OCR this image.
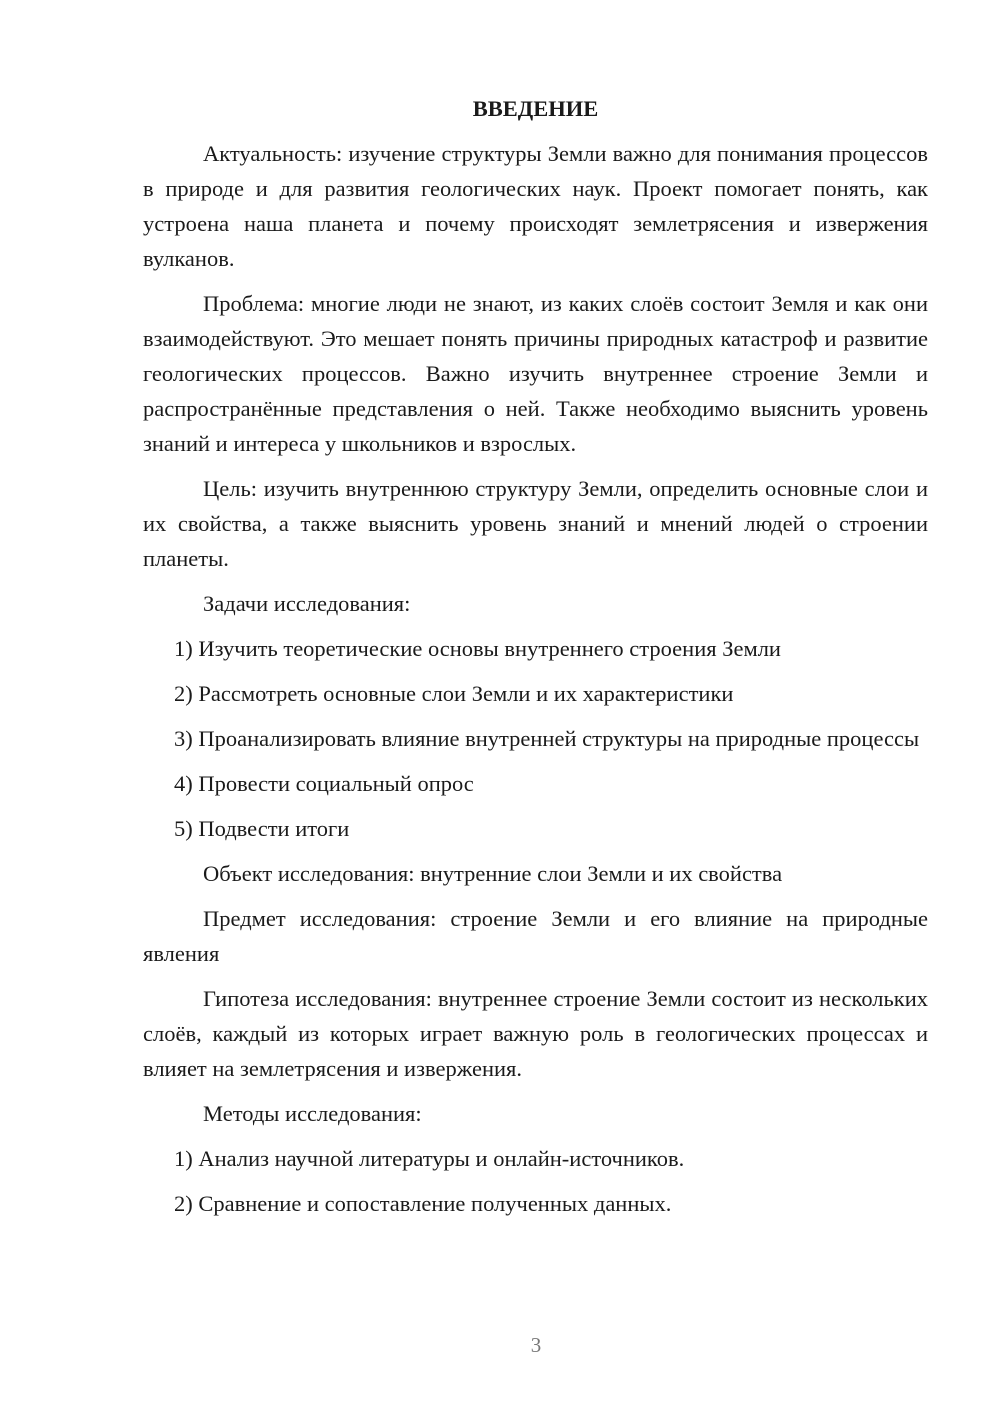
ВВЕДЕНИЕ

Актуальность: изучение структуры Земли важно для понимания процессов в природе и для развития геологических наук. Проект помогает понять, как устроена наша планета и почему происходят землетрясения и извержения вулканов.

Проблема: многие люди не знают, из каких слоёв состоит Земля и как они взаимодействуют. Это мешает понять причины природных катастроф и развитие геологических процессов. Важно изучить внутреннее строение Земли и распространённые представления о ней. Также необходимо выяснить уровень знаний и интереса у школьников и взрослых.

Цель: изучить внутреннюю структуру Земли, определить основные слои и их свойства, а также выяснить уровень знаний и мнений людей о строении планеты.

Задачи исследования:

1) Изучить теоретические основы внутреннего строения Земли

2) Рассмотреть основные слои Земли и их характеристики

3) Проанализировать влияние внутренней структуры на природные процессы

4) Провести социальный опрос

5) Подвести итоги

Объект исследования: внутренние слои Земли и их свойства

Предмет исследования: строение Земли и его влияние на природные явления

Гипотеза исследования: внутреннее строение Земли состоит из нескольких слоёв, каждый из которых играет важную роль в геологических процессах и влияет на землетрясения и извержения.

Методы исследования:

1) Анализ научной литературы и онлайн-источников.

2) Сравнение и сопоставление полученных данных.

3
